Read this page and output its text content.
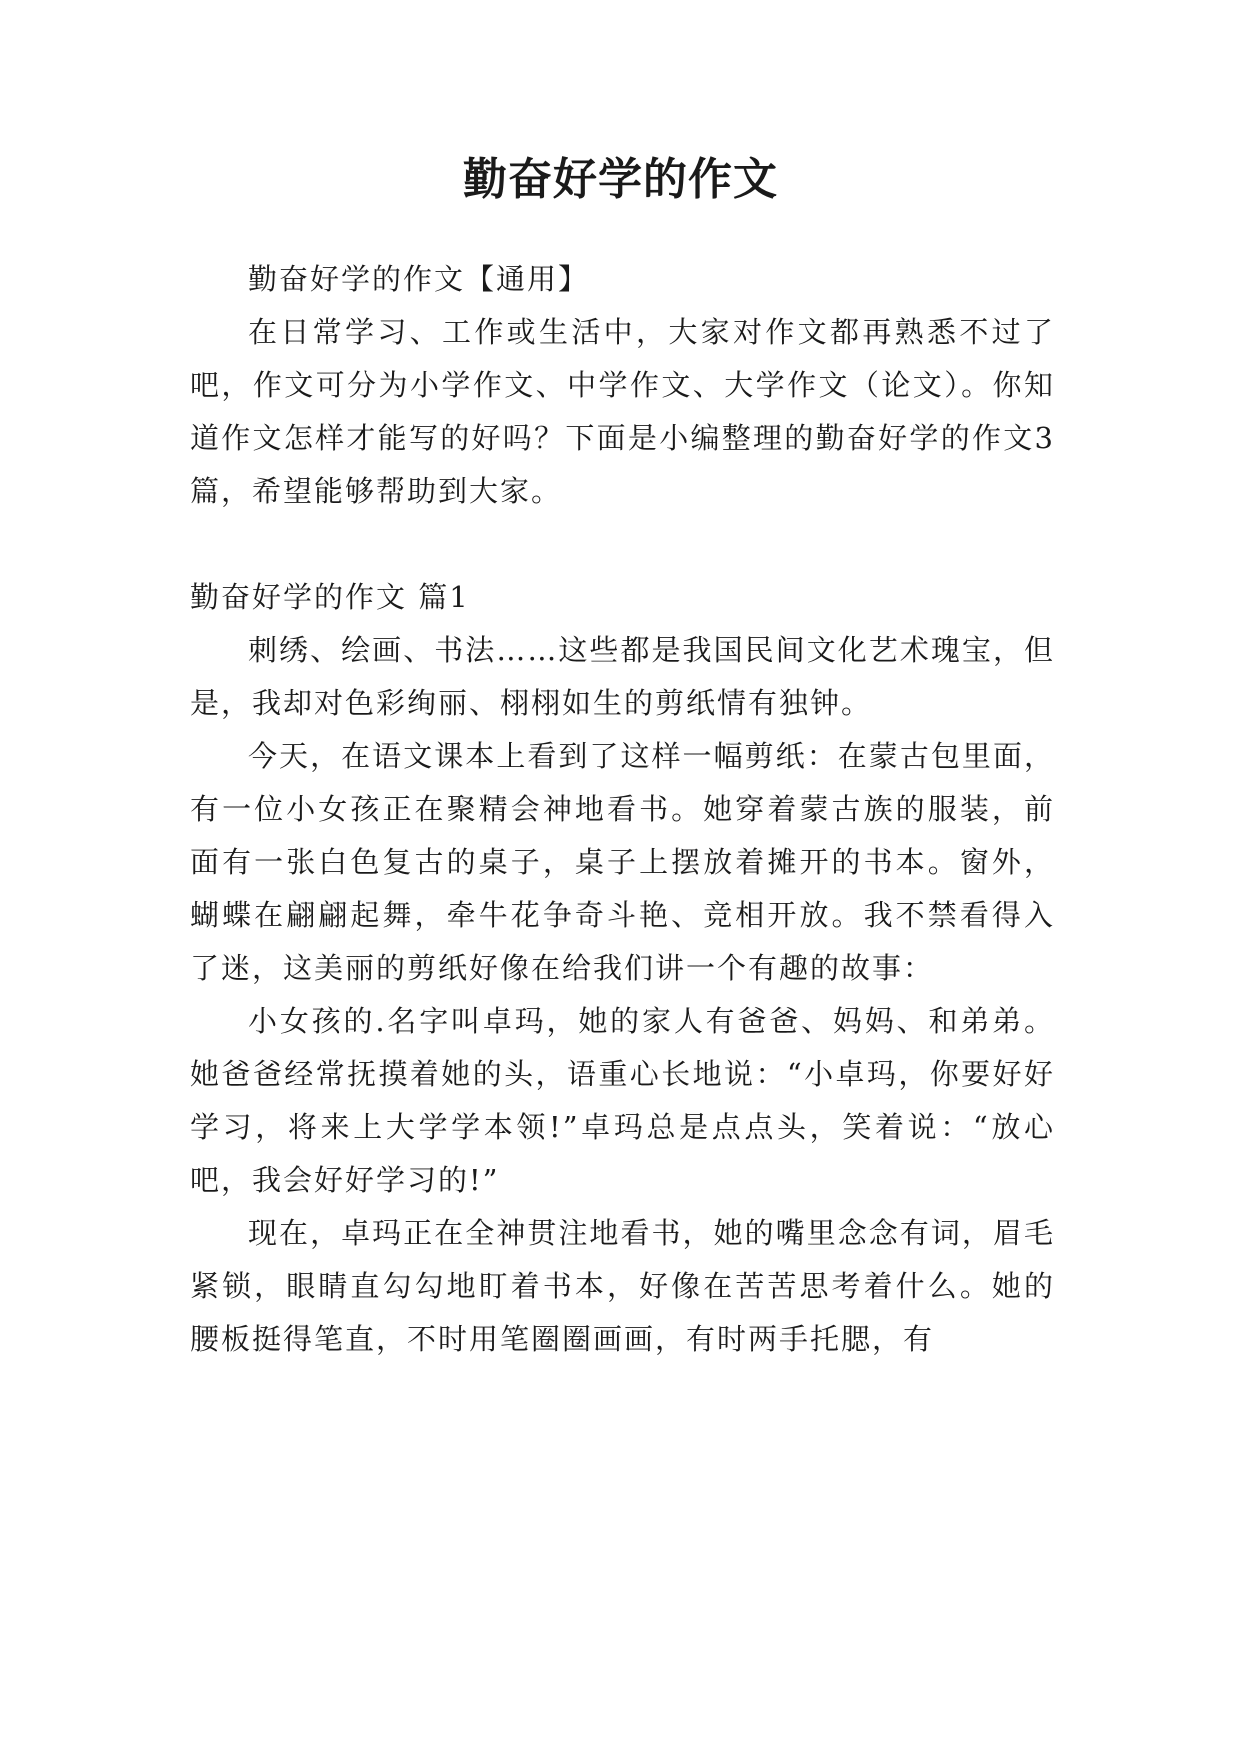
勤奋好学的作文

勤奋好学的作文【通用】

在日常学习、工作或生活中，大家对作文都再熟悉不过了吧，作文可分为小学作文、中学作文、大学作文（论文）。你知道作文怎样才能写的好吗？下面是小编整理的勤奋好学的作文3篇，希望能够帮助到大家。

勤奋好学的作文 篇1

刺绣、绘画、书法……这些都是我国民间文化艺术瑰宝，但是，我却对色彩绚丽、栩栩如生的剪纸情有独钟。

今天，在语文课本上看到了这样一幅剪纸：在蒙古包里面，有一位小女孩正在聚精会神地看书。她穿着蒙古族的服装，前面有一张白色复古的桌子，桌子上摆放着摊开的书本。窗外，蝴蝶在翩翩起舞，牵牛花争奇斗艳、竞相开放。我不禁看得入了迷，这美丽的剪纸好像在给我们讲一个有趣的故事：

小女孩的.名字叫卓玛，她的家人有爸爸、妈妈、和弟弟。她爸爸经常抚摸着她的头，语重心长地说：“小卓玛，你要好好学习，将来上大学学本领!”卓玛总是点点头，笑着说：“放心吧，我会好好学习的!”

现在，卓玛正在全神贯注地看书，她的嘴里念念有词，眉毛紧锁，眼睛直勾勾地盯着书本，好像在苦苦思考着什么。她的腰板挺得笔直，不时用笔圈圈画画，有时两手托腮，有
